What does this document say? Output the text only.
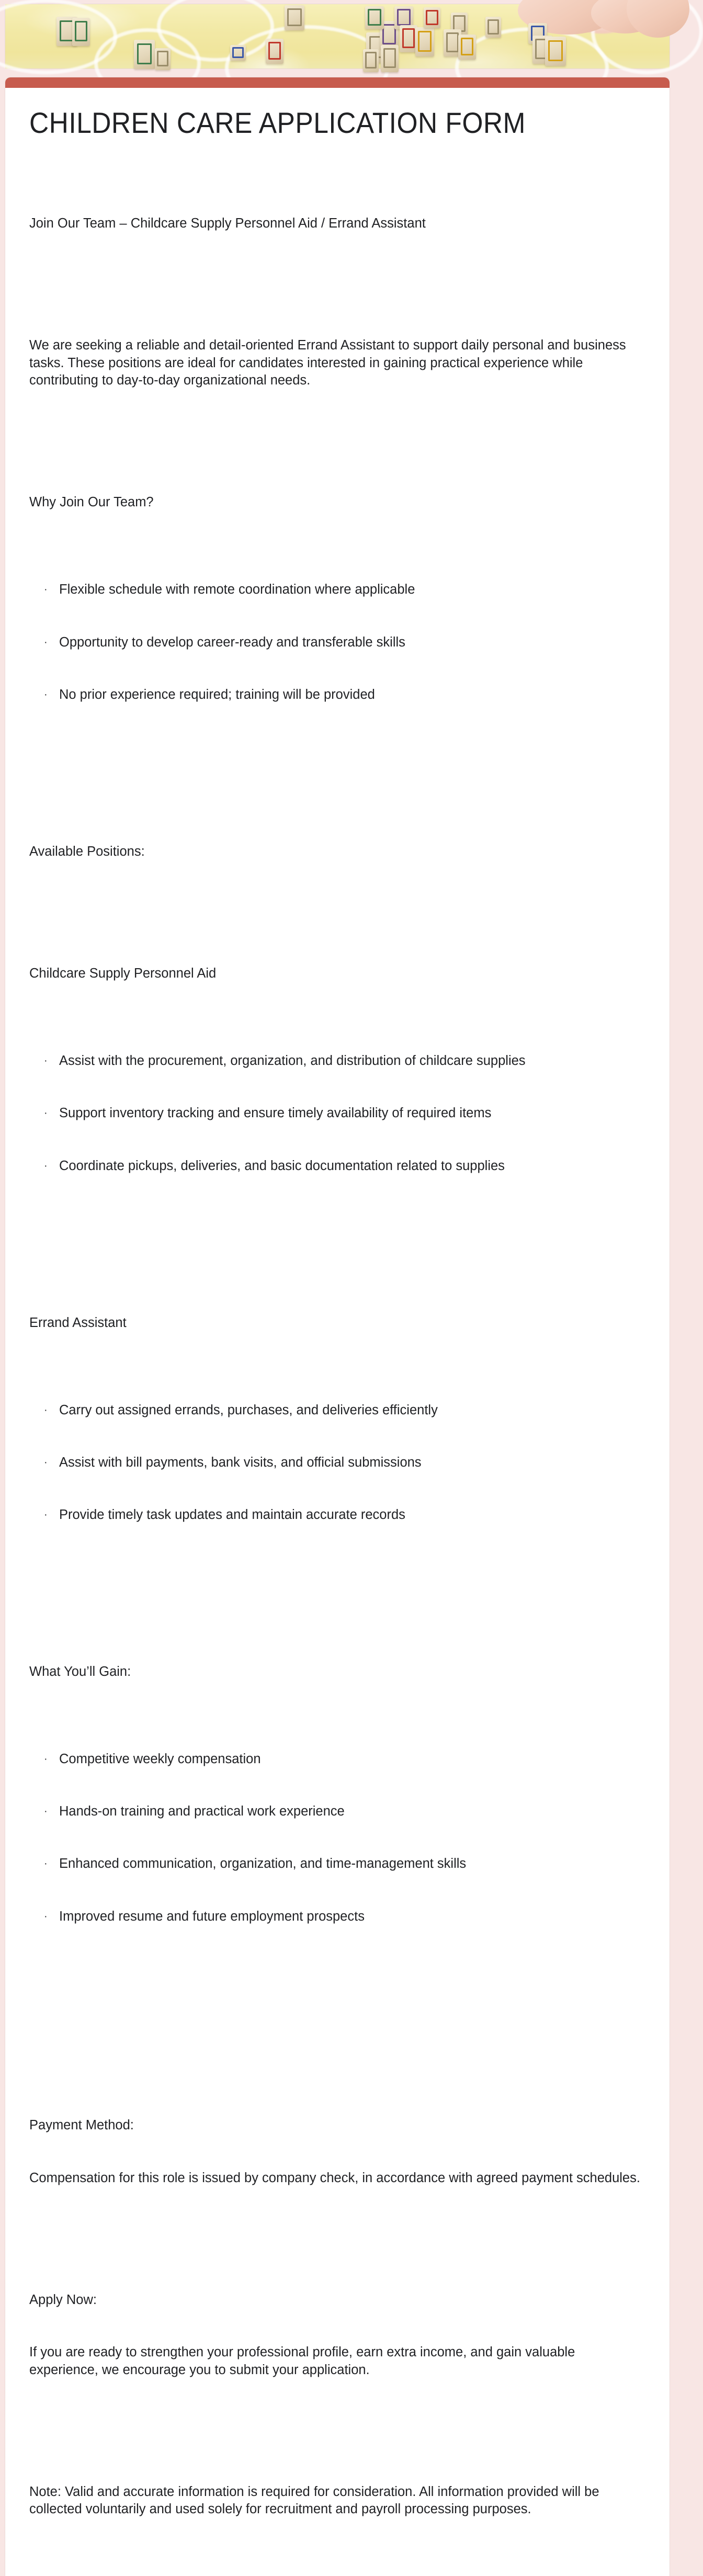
CHILDREN CARE APPLICATION FORM

Join Our Team – Childcare Supply Personnel Aid / Errand Assistant

We are seeking a reliable and detail-oriented Errand Assistant to support daily personal and business tasks. These positions are ideal for candidates interested in gaining practical experience while contributing to day-to-day organizational needs.

Why Join Our Team?

· Flexible schedule with remote coordination where applicable

· Opportunity to develop career-ready and transferable skills

· No prior experience required; training will be provided

Available Positions:

Childcare Supply Personnel Aid

· Assist with the procurement, organization, and distribution of childcare supplies

· Support inventory tracking and ensure timely availability of required items

· Coordinate pickups, deliveries, and basic documentation related to supplies

Errand Assistant

· Carry out assigned errands, purchases, and deliveries efficiently

· Assist with bill payments, bank visits, and official submissions

· Provide timely task updates and maintain accurate records

What You’ll Gain:

· Competitive weekly compensation

· Hands-on training and practical work experience

· Enhanced communication, organization, and time-management skills

· Improved resume and future employment prospects

Payment Method:

Compensation for this role is issued by company check, in accordance with agreed payment schedules.

Apply Now:

If you are ready to strengthen your professional profile, earn extra income, and gain valuable experience, we encourage you to submit your application.

Note: Valid and accurate information is required for consideration. All information provided will be collected voluntarily and used solely for recruitment and payroll processing purposes.
